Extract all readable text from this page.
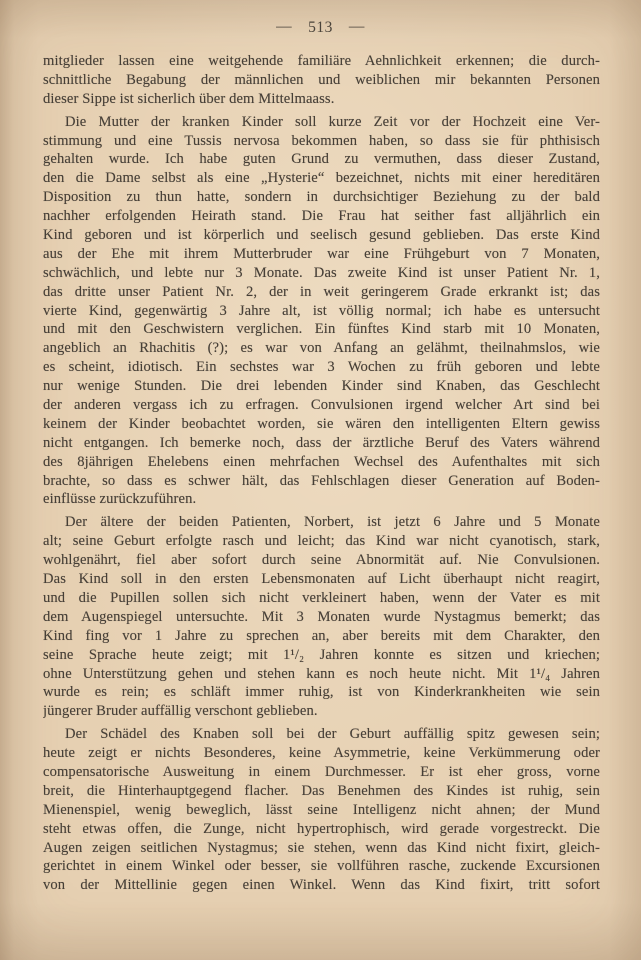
— 513 —
mitglieder lassen eine weitgehende familiäre Aehnlichkeit erkennen; die durch-
schnittliche Begabung der männlichen und weiblichen mir bekannten Personen
dieser Sippe ist sicherlich über dem Mittelmaass.
Die Mutter der kranken Kinder soll kurze Zeit vor der Hochzeit eine Ver-
stimmung und eine Tussis nervosa bekommen haben, so dass sie für phthisisch
gehalten wurde. Ich habe guten Grund zu vermuthen, dass dieser Zustand,
den die Dame selbst als eine „Hysterie“ bezeichnet, nichts mit einer hereditären
Disposition zu thun hatte, sondern in durchsichtiger Beziehung zu der bald
nachher erfolgenden Heirath stand. Die Frau hat seither fast alljährlich ein
Kind geboren und ist körperlich und seelisch gesund geblieben. Das erste Kind
aus der Ehe mit ihrem Mutterbruder war eine Frühgeburt von 7 Monaten,
schwächlich, und lebte nur 3 Monate. Das zweite Kind ist unser Patient Nr. 1,
das dritte unser Patient Nr. 2, der in weit geringerem Grade erkrankt ist; das
vierte Kind, gegenwärtig 3 Jahre alt, ist völlig normal; ich habe es untersucht
und mit den Geschwistern verglichen. Ein fünftes Kind starb mit 10 Monaten,
angeblich an Rhachitis (?); es war von Anfang an gelähmt, theilnahmslos, wie
es scheint, idiotisch. Ein sechstes war 3 Wochen zu früh geboren und lebte
nur wenige Stunden. Die drei lebenden Kinder sind Knaben, das Geschlecht
der anderen vergass ich zu erfragen. Convulsionen irgend welcher Art sind bei
keinem der Kinder beobachtet worden, sie wären den intelligenten Eltern gewiss
nicht entgangen. Ich bemerke noch, dass der ärztliche Beruf des Vaters während
des 8jährigen Ehelebens einen mehrfachen Wechsel des Aufenthaltes mit sich
brachte, so dass es schwer hält, das Fehlschlagen dieser Generation auf Boden-
einflüsse zurückzuführen.
Der ältere der beiden Patienten, Norbert, ist jetzt 6 Jahre und 5 Monate
alt; seine Geburt erfolgte rasch und leicht; das Kind war nicht cyanotisch, stark,
wohlgenährt, fiel aber sofort durch seine Abnormität auf. Nie Convulsionen.
Das Kind soll in den ersten Lebensmonaten auf Licht überhaupt nicht reagirt,
und die Pupillen sollen sich nicht verkleinert haben, wenn der Vater es mit
dem Augenspiegel untersuchte. Mit 3 Monaten wurde Nystagmus bemerkt; das
Kind fing vor 1 Jahre zu sprechen an, aber bereits mit dem Charakter, den
seine Sprache heute zeigt; mit 1¹/₂ Jahren konnte es sitzen und kriechen;
ohne Unterstützung gehen und stehen kann es noch heute nicht. Mit 1¹/₄ Jahren
wurde es rein; es schläft immer ruhig, ist von Kinderkrankheiten wie sein
jüngerer Bruder auffällig verschont geblieben.
Der Schädel des Knaben soll bei der Geburt auffällig spitz gewesen sein;
heute zeigt er nichts Besonderes, keine Asymmetrie, keine Verkümmerung oder
compensatorische Ausweitung in einem Durchmesser. Er ist eher gross, vorne
breit, die Hinterhauptgegend flacher. Das Benehmen des Kindes ist ruhig, sein
Mienenspiel, wenig beweglich, lässt seine Intelligenz nicht ahnen; der Mund
steht etwas offen, die Zunge, nicht hypertrophisch, wird gerade vorgestreckt. Die
Augen zeigen seitlichen Nystagmus; sie stehen, wenn das Kind nicht fixirt, gleich-
gerichtet in einem Winkel oder besser, sie vollführen rasche, zuckende Excursionen
von der Mittellinie gegen einen Winkel. Wenn das Kind fixirt, tritt sofort
